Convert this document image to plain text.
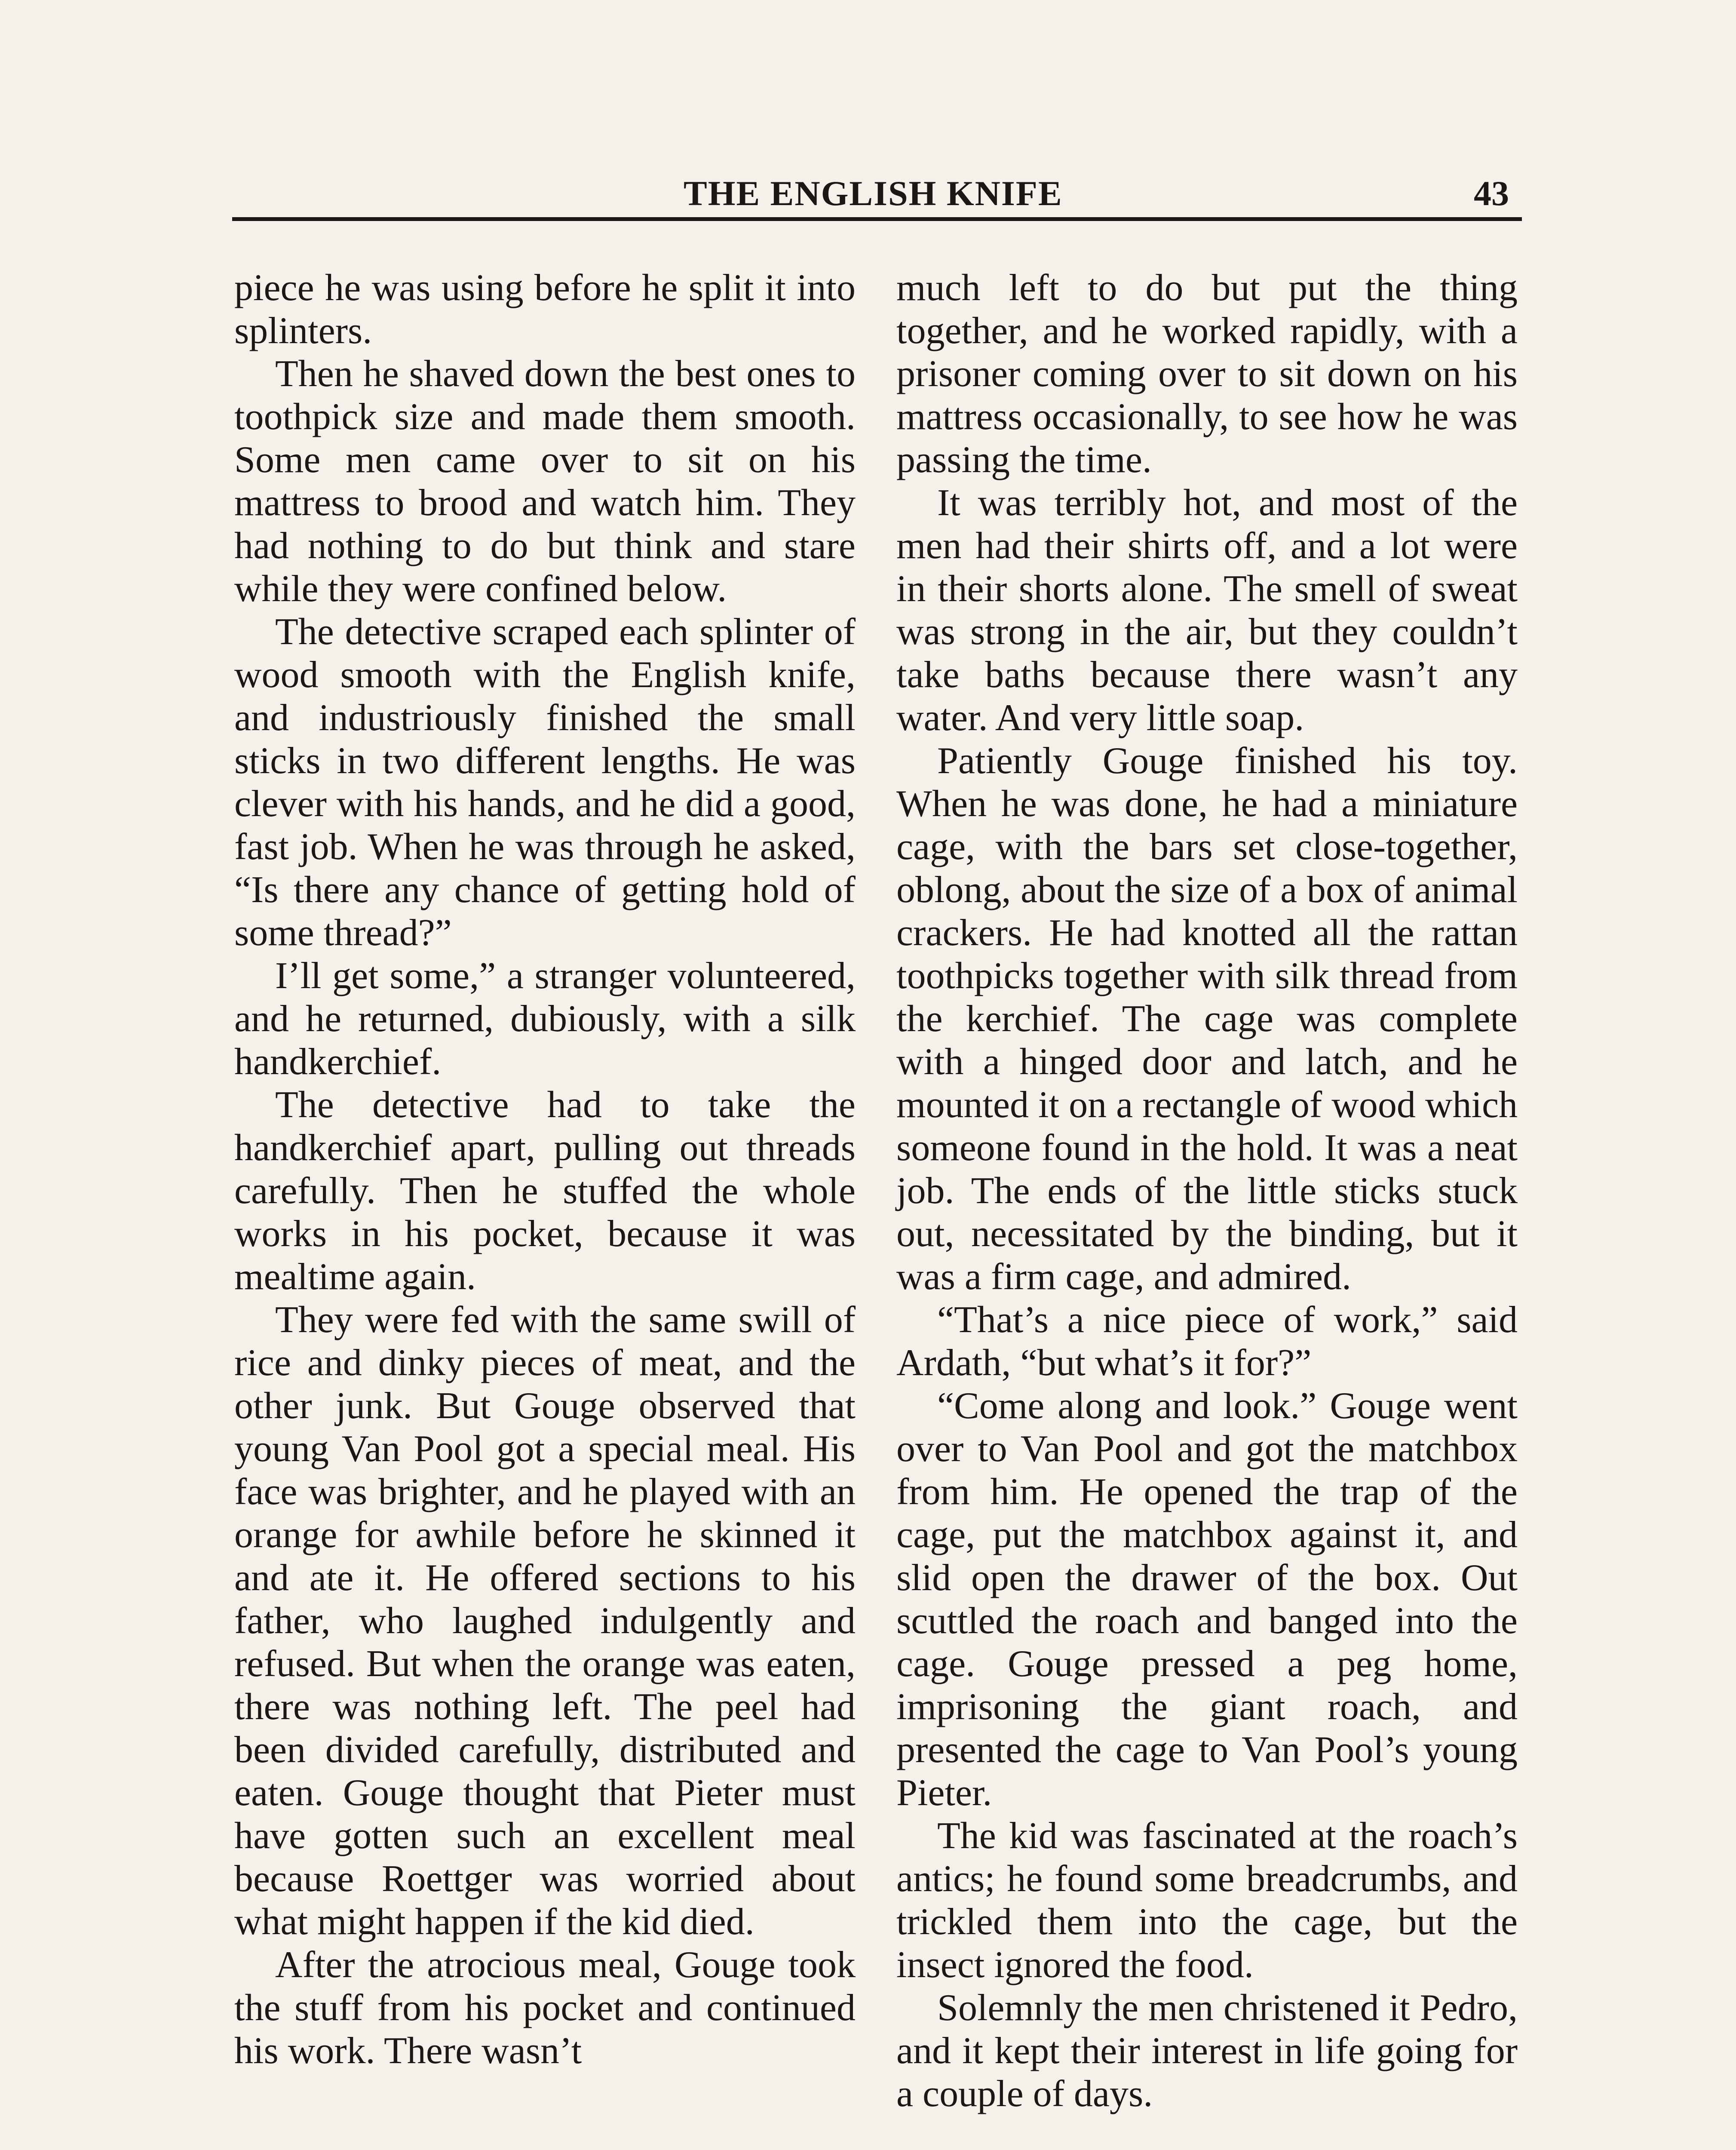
THE ENGLISH KNIFE	43

piece he was using before he split it into splinters.

Then he shaved down the best ones to toothpick size and made them smooth. Some men came over to sit on his mattress to brood and watch him. They had nothing to do but think and stare while they were confined below.

The detective scraped each splinter of wood smooth with the English knife, and industriously finished the small sticks in two different lengths. He was clever with his hands, and he did a good, fast job. When he was through he asked, “Is there any chance of getting hold of some thread?”

I’ll get some,” a stranger volunteered, and he returned, dubiously, with a silk handkerchief.

The detective had to take the handkerchief apart, pulling out threads carefully. Then he stuffed the whole works in his pocket, because it was mealtime again.

They were fed with the same swill of rice and dinky pieces of meat, and the other junk. But Gouge observed that young Van Pool got a special meal. His face was brighter, and he played with an orange for awhile before he skinned it and ate it. He offered sections to his father, who laughed indulgently and refused. But when the orange was eaten, there was nothing left. The peel had been divided carefully, distributed and eaten. Gouge thought that Pieter must have gotten such an excellent meal because Roettger was worried about what might happen if the kid died.

After the atrocious meal, Gouge took the stuff from his pocket and continued his work. There wasn’t

much left to do but put the thing together, and he worked rapidly, with a prisoner coming over to sit down on his mattress occasionally, to see how he was passing the time.

It was terribly hot, and most of the men had their shirts off, and a lot were in their shorts alone. The smell of sweat was strong in the air, but they couldn’t take baths because there wasn’t any water. And very little soap.

Patiently Gouge finished his toy. When he was done, he had a miniature cage, with the bars set close-together, oblong, about the size of a box of animal crackers. He had knotted all the rattan toothpicks together with silk thread from the kerchief. The cage was complete with a hinged door and latch, and he mounted it on a rectangle of wood which someone found in the hold. It was a neat job. The ends of the little sticks stuck out, necessitated by the binding, but it was a firm cage, and admired.

“That’s a nice piece of work,” said Ardath, “but what’s it for?”

“Come along and look.” Gouge went over to Van Pool and got the matchbox from him. He opened the trap of the cage, put the matchbox against it, and slid open the drawer of the box. Out scuttled the roach and banged into the cage. Gouge pressed a peg home, imprisoning the giant roach, and presented the cage to Van Pool’s young Pieter.

The kid was fascinated at the roach’s antics; he found some breadcrumbs, and trickled them into the cage, but the insect ignored the food.

Solemnly the men christened it Pedro, and it kept their interest in life going for a couple of days.
